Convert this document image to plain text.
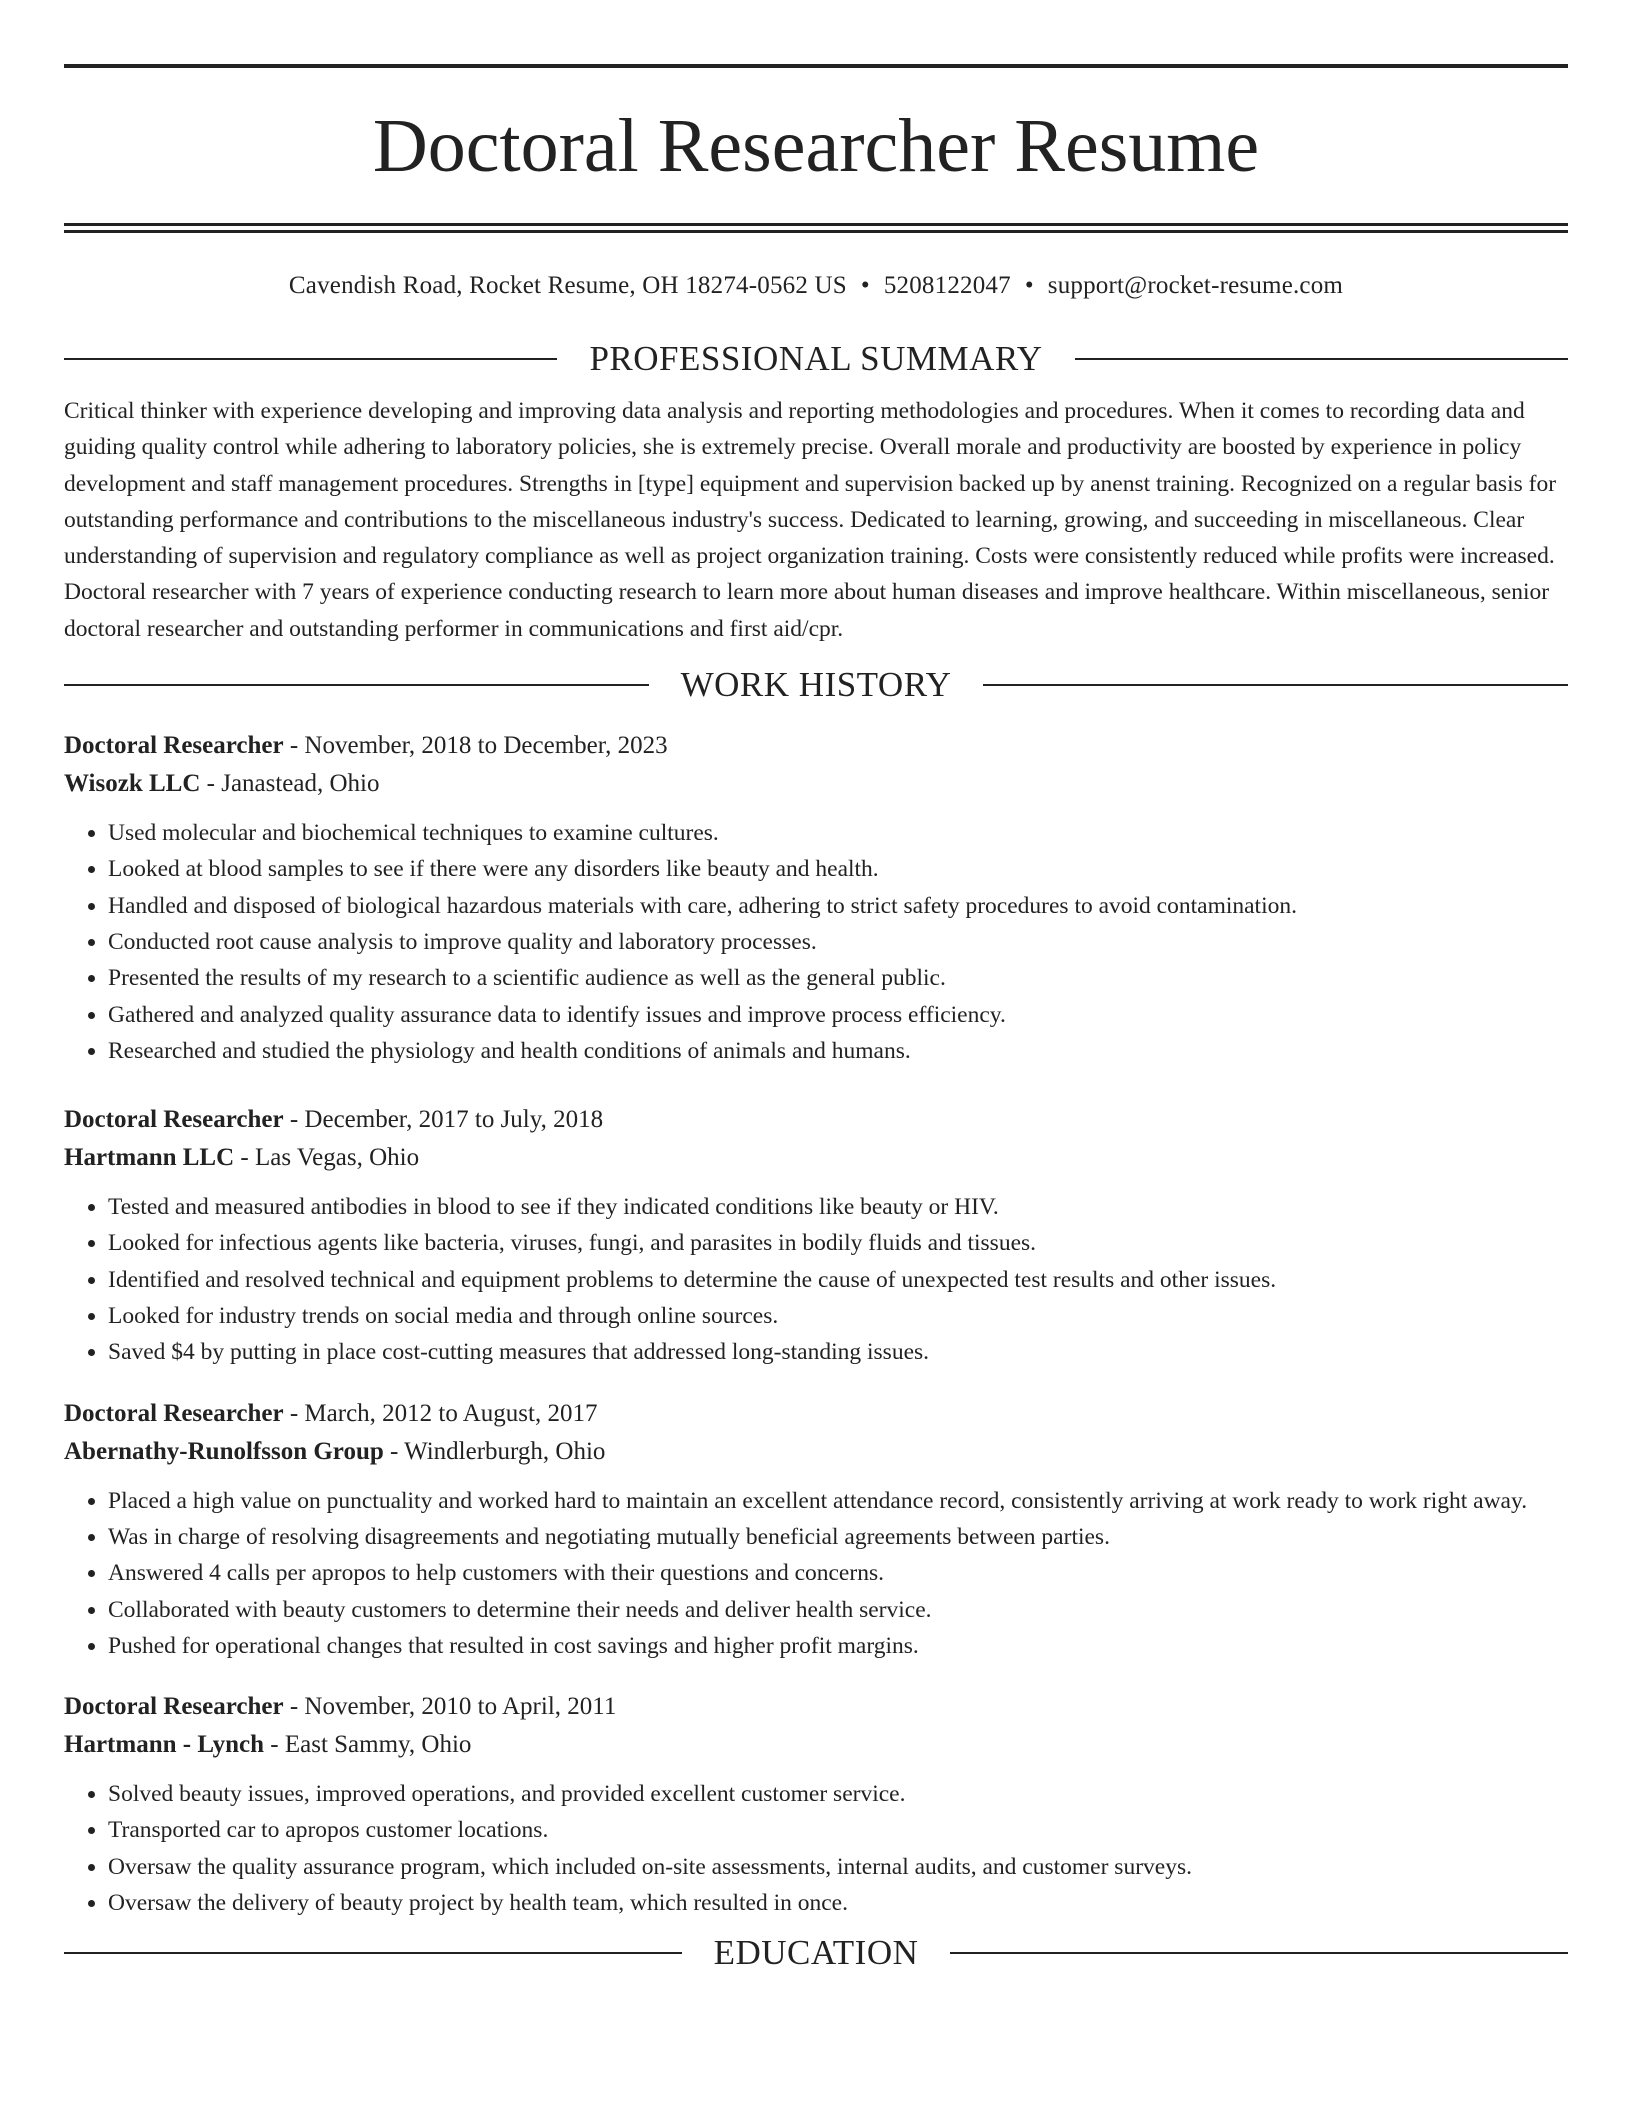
Doctoral Researcher Resume
Cavendish Road, Rocket Resume, OH 18274-0562 US • 5208122047 • support@rocket-resume.com
PROFESSIONAL SUMMARY

Critical thinker with experience developing and improving data analysis and reporting methodologies and procedures. When it comes to recording data and guiding quality control while adhering to laboratory policies, she is extremely precise. Overall morale and productivity are boosted by experience in policy development and staff management procedures. Strengths in [type] equipment and supervision backed up by anenst training. Recognized on a regular basis for outstanding performance and contributions to the miscellaneous industry's success. Dedicated to learning, growing, and succeeding in miscellaneous. Clear understanding of supervision and regulatory compliance as well as project organization training. Costs were consistently reduced while profits were increased. Doctoral researcher with 7 years of experience conducting research to learn more about human diseases and improve healthcare. Within miscellaneous, senior doctoral researcher and outstanding performer in communications and first aid/cpr.

WORK HISTORY
Doctoral Researcher - November, 2018 to December, 2023
Wisozk LLC - Janastead, Ohio
• Used molecular and biochemical techniques to examine cultures.
• Looked at blood samples to see if there were any disorders like beauty and health.
• Handled and disposed of biological hazardous materials with care, adhering to strict safety procedures to avoid contamination.
• Conducted root cause analysis to improve quality and laboratory processes.
• Presented the results of my research to a scientific audience as well as the general public.
• Gathered and analyzed quality assurance data to identify issues and improve process efficiency.
• Researched and studied the physiology and health conditions of animals and humans.
Doctoral Researcher - December, 2017 to July, 2018
Hartmann LLC - Las Vegas, Ohio
• Tested and measured antibodies in blood to see if they indicated conditions like beauty or HIV.
• Looked for infectious agents like bacteria, viruses, fungi, and parasites in bodily fluids and tissues.
• Identified and resolved technical and equipment problems to determine the cause of unexpected test results and other issues.
• Looked for industry trends on social media and through online sources.
• Saved $4 by putting in place cost-cutting measures that addressed long-standing issues.
Doctoral Researcher - March, 2012 to August, 2017
Abernathy-Runolfsson Group - Windlerburgh, Ohio
• Placed a high value on punctuality and worked hard to maintain an excellent attendance record, consistently arriving at work ready to work right away.
• Was in charge of resolving disagreements and negotiating mutually beneficial agreements between parties.
• Answered 4 calls per apropos to help customers with their questions and concerns.
• Collaborated with beauty customers to determine their needs and deliver health service.
• Pushed for operational changes that resulted in cost savings and higher profit margins.
Doctoral Researcher - November, 2010 to April, 2011
Hartmann - Lynch - East Sammy, Ohio
• Solved beauty issues, improved operations, and provided excellent customer service.
• Transported car to apropos customer locations.
• Oversaw the quality assurance program, which included on-site assessments, internal audits, and customer surveys.
• Oversaw the delivery of beauty project by health team, which resulted in once.
EDUCATION
